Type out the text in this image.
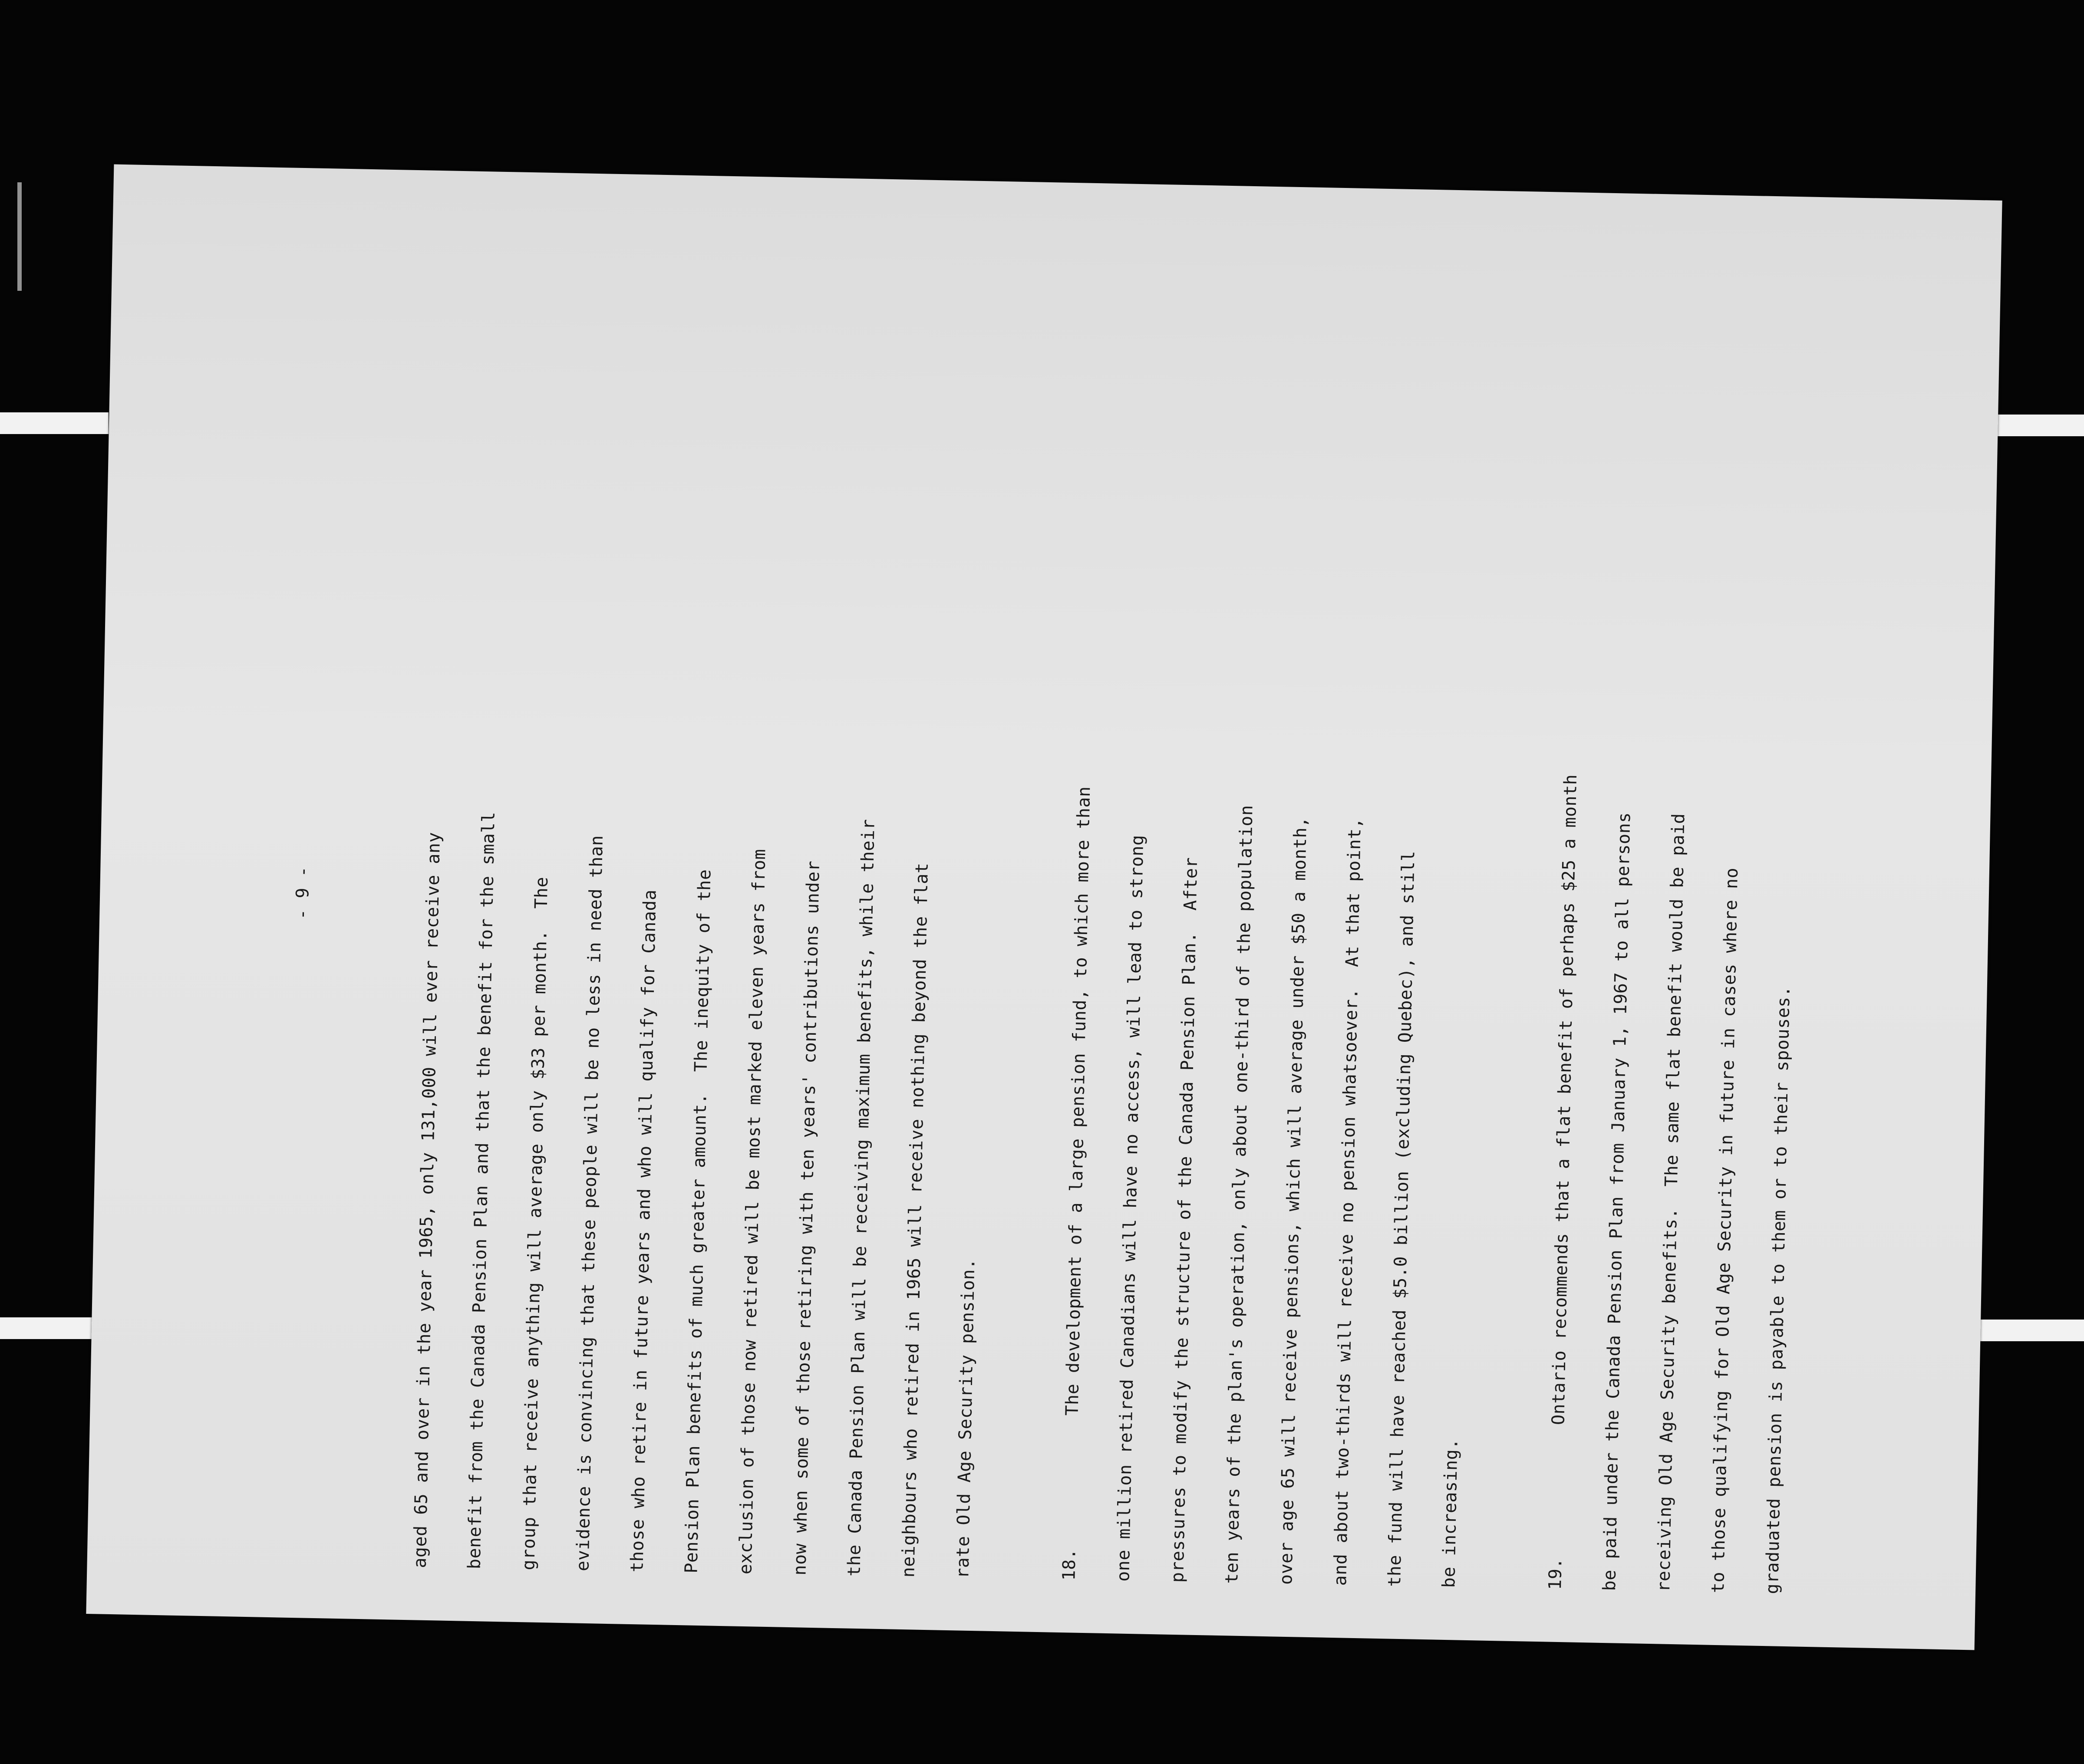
- 9 -	aged 65 and over in the year 1965, only 131,000 will ever receive any	benefit from the Canada Pension Plan and that the benefit for the small	group that receive anything will average only $33 per month.  The	evidence is convincing that these people will be no less in need than	those who retire in future years and who will qualify for Canada	Pension Plan benefits of much greater amount.  The inequity of the	exclusion of those now retired will be most marked eleven years from	now when some of those retiring with ten years' contributions under	the Canada Pension Plan will be receiving maximum benefits, while their	neighbours who retired in 1965 will receive nothing beyond the flat	rate Old Age Security pension.	18.The development of a large pension fund, to which more than	one million retired Canadians will have no access, will lead to strong	pressures to modify the structure of the Canada Pension Plan.  After	ten years of the plan's operation, only about one-third of the population	over age 65 will receive pensions, which will average under $50 a month,	and about two-thirds will receive no pension whatsoever.  At that point,	the fund will have reached $5.0 billion (excluding Quebec), and still	be increasing.	19.Ontario recommends that a flat benefit of perhaps $25 a month	be paid under the Canada Pension Plan from January 1, 1967 to all persons	receiving Old Age Security benefits.  The same flat benefit would be paid	to those qualifying for Old Age Security in future in cases where no	graduated pension is payable to them or to their spouses.
